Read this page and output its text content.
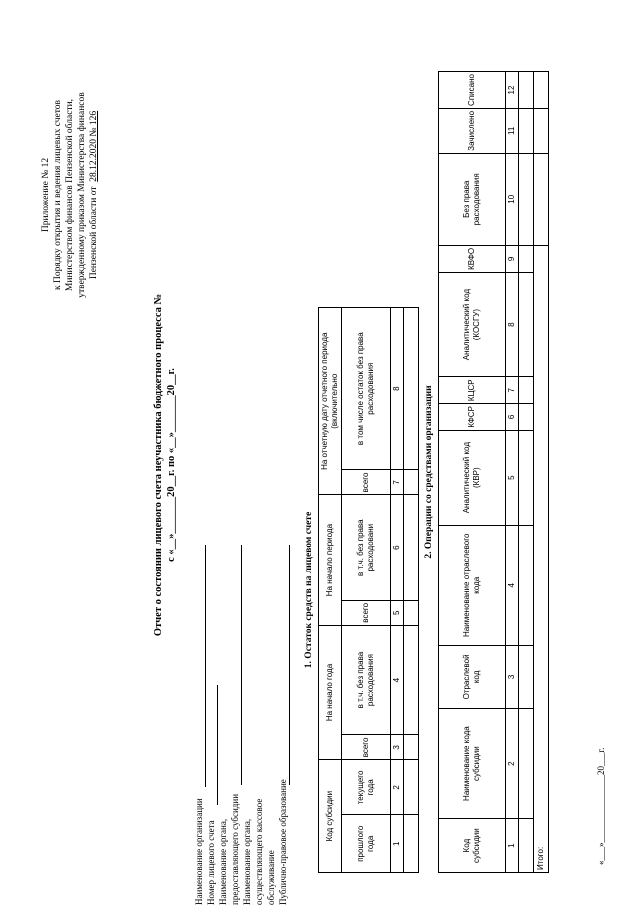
Приложение № 12 к Порядку открытия и ведения лицевых счетов Министерством финансов Пензенской области, утвержденному приказом Министерства финансов Пензенской области от  28.12.2020 № 126
Отчет о состоянии лицевого счета неучастника бюджетного процесса № с «__»_______20__г. по «__»_______20__г.
Наименование организации Номер лицевого счета Наименование органа, предоставляющего субсидии Наименование органа, осуществляющего кассовое обслуживание Публично-правовое образование
1. Остаток средств на лицевом счете
Код субсидии		На начало года		На начало периода		На отчетную дату отчетного периода (включительно	
прошлого года	текущего года	всего	в т.ч. без права расходования	всего	в т.ч. без права расходовани	всего	в том числе остаток без права расходования
1	2	3	4	5	6	7	8
							2. Операции со средствами организации
Код субсидии	Наименование кода субсидии	Отраслевой код	Наименование отраслевого кода	Аналитический код (КВР)	КФСР	КЦСР	Аналитический код (КОСГУ)	КВФО	Без права расходования	Зачислено	Списано
1	2	3	4	5	6	7	8	9	10	11	12

Итого:												«___»_______________20___г.
